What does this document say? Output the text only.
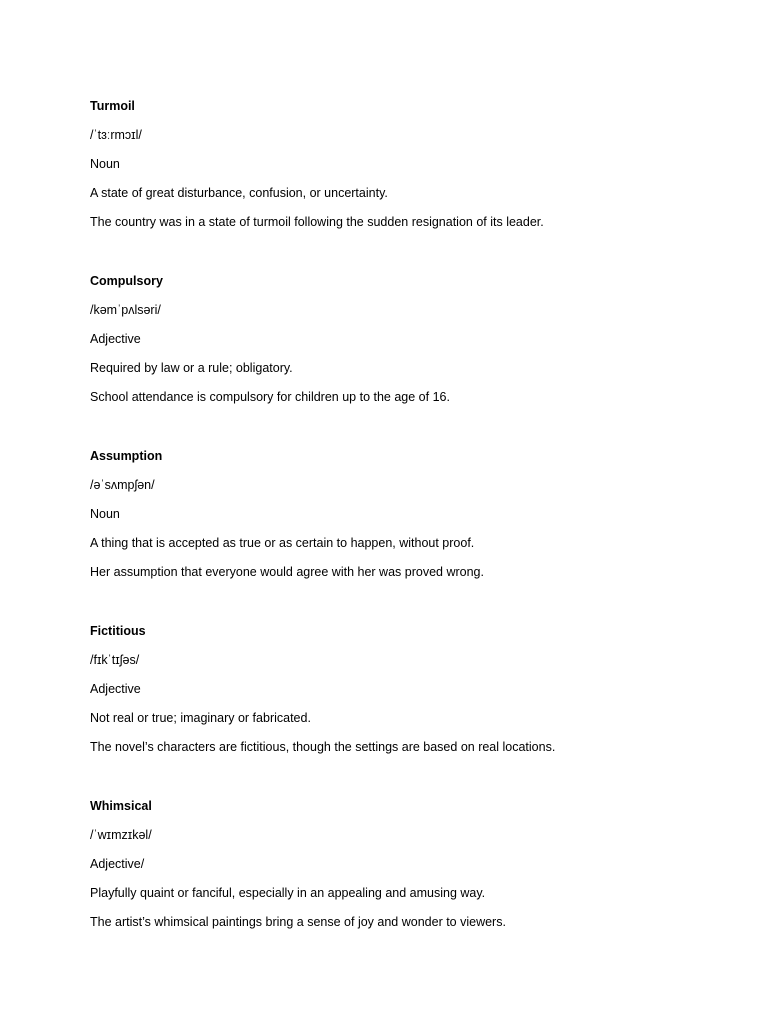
Turmoil
/ˈtɜːrmɔɪl/
Noun
A state of great disturbance, confusion, or uncertainty.
The country was in a state of turmoil following the sudden resignation of its leader.
Compulsory
/kəmˈpʌlsəri/
Adjective
Required by law or a rule; obligatory.
School attendance is compulsory for children up to the age of 16.
Assumption
/əˈsʌmpʃən/
Noun
A thing that is accepted as true or as certain to happen, without proof.
Her assumption that everyone would agree with her was proved wrong.
Fictitious
/fɪkˈtɪʃəs/
Adjective
Not real or true; imaginary or fabricated.
The novel’s characters are fictitious, though the settings are based on real locations.
Whimsical
/ˈwɪmzɪkəl/
Adjective/
Playfully quaint or fanciful, especially in an appealing and amusing way.
The artist’s whimsical paintings bring a sense of joy and wonder to viewers.
